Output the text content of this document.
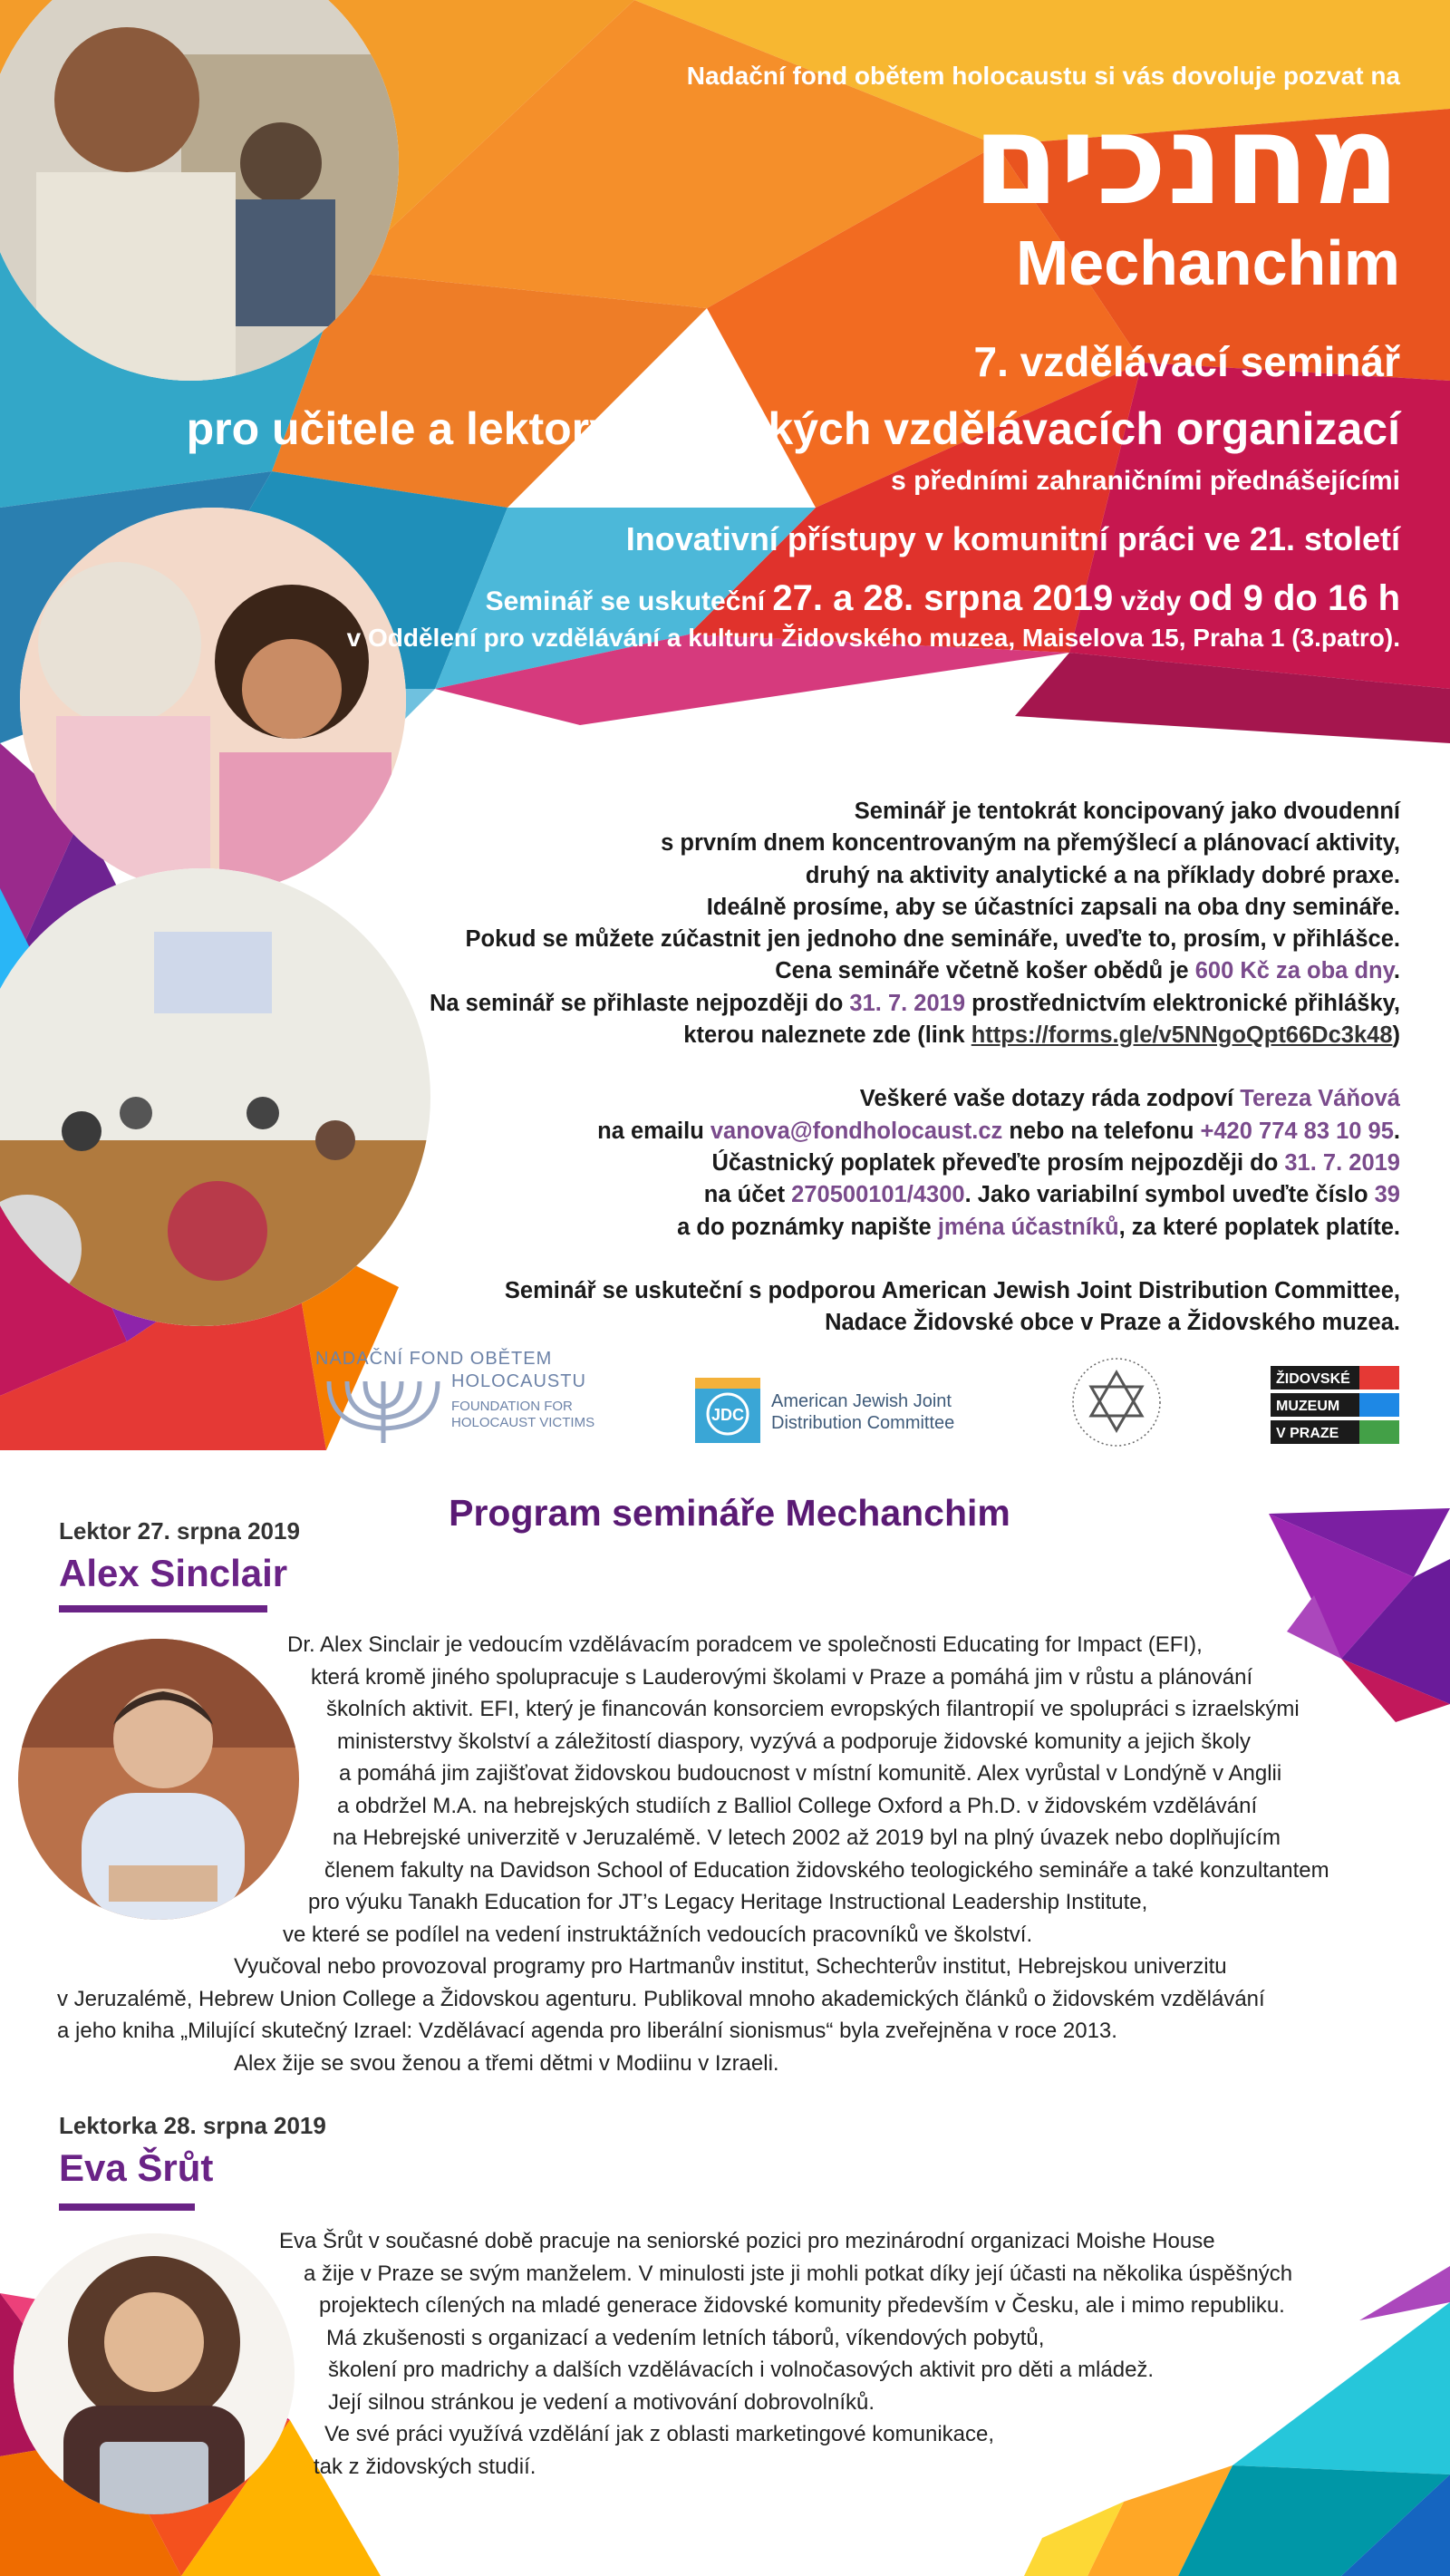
Nadační fond obětem holocaustu si vás dovoluje pozvat na

מחנכים

Mechanchim

7. vzdělávací seminář

pro učitele a lektory židovských vzdělávacích organizací

s předními zahraničními přednášejícími

Inovativní přístupy v komunitní práci ve 21. století

Seminář se uskuteční 27. a 28. srpna 2019 vždy od 9 do 16 h

v Oddělení pro vzdělávání a kulturu Židovského muzea, Maiselova 15, Praha 1 (3.patro).

Seminář je tentokrát koncipovaný jako dvoudenní
s prvním dnem koncentrovaným na přemýšlecí a plánovací aktivity,
druhý na aktivity analytické a na příklady dobré praxe.
Ideálně prosíme, aby se účastníci zapsali na oba dny semináře.
Pokud se můžete zúčastnit jen jednoho dne semináře, uveďte to, prosím, v přihlášce.
Cena semináře včetně košer obědů je 600 Kč za oba dny.
Na seminář se přihlaste nejpozději do 31. 7. 2019 prostřednictvím elektronické přihlášky,
kterou naleznete zde (link https://forms.gle/v5NNgoQpt66Dc3k48)
Veškeré vaše dotazy ráda zodpoví Tereza Váňová
na emailu vanova@fondholocaust.cz nebo na telefonu +420 774 83 10 95.
Účastnický poplatek převeďte prosím nejpozději do 31. 7. 2019
na účet 270500101/4300. Jako variabilní symbol uveďte číslo 39
a do poznámky napište jména účastníků, za které poplatek platíte.
Seminář se uskuteční s podporou American Jewish Joint Distribution Committee,
Nadace Židovské obce v Praze a Židovského muzea.
NADAČNÍ FOND OBĚTEM
HOLOCAUSTU
FOUNDATION FOR
HOLOCAUST VICTIMS	JDC
American Jewish Joint
Distribution Committee
ŽIDOVSKÉ
MUZEUM
V PRAZE
Program semináře Mechanchim
Lektor 27. srpna 2019
Alex Sinclair
Dr. Alex Sinclair je vedoucím vzdělávacím poradcem ve společnosti Educating for Impact (EFI),
která kromě jiného spolupracuje s Lauderovými školami v Praze a pomáhá jim v růstu a plánování
školních aktivit. EFI, který je financován konsorciem evropských filantropií ve spolupráci s izraelskými
ministerstvy školství a záležitostí diaspory, vyzývá a podporuje židovské komunity a jejich školy
a pomáhá jim zajišťovat židovskou budoucnost v místní komunitě. Alex vyrůstal v Londýně v Anglii
a obdržel M.A. na hebrejských studiích z Balliol College Oxford a Ph.D. v židovském vzdělávání
na Hebrejské univerzitě v Jeruzalémě. V letech 2002 až 2019 byl na plný úvazek nebo doplňujícím
členem fakulty na Davidson School of Education židovského teologického semináře a také konzultantem
pro výuku Tanakh Education for JT’s Legacy Heritage Instructional Leadership Institute,
ve které se podílel na vedení instruktážních vedoucích pracovníků ve školství.
Vyučoval nebo provozoval programy pro Hartmanův institut, Schechterův institut, Hebrejskou univerzitu
v Jeruzalémě, Hebrew Union College a Židovskou agenturu. Publikoval mnoho akademických článků o židovském vzdělávání
a jeho kniha „Milující skutečný Izrael: Vzdělávací agenda pro liberální sionismus“ byla zveřejněna v roce 2013.
Alex žije se svou ženou a třemi dětmi v Modiinu v Izraeli.
Lektorka 28. srpna 2019
Eva Šrůt
Eva Šrůt v současné době pracuje na seniorské pozici pro mezinárodní organizaci Moishe House
a žije v Praze se svým manželem. V minulosti jste ji mohli potkat díky její účasti na několika úspěšných
projektech cílených na mladé generace židovské komunity především v Česku, ale i mimo republiku.
Má zkušenosti s organizací a vedením letních táborů, víkendových pobytů,
školení pro madrichy a dalších vzdělávacích i volnočasových aktivit pro děti a mládež.
Její silnou stránkou je vedení a motivování dobrovolníků.
Ve své práci využívá vzdělání jak z oblasti marketingové komunikace,
tak z židovských studií.
